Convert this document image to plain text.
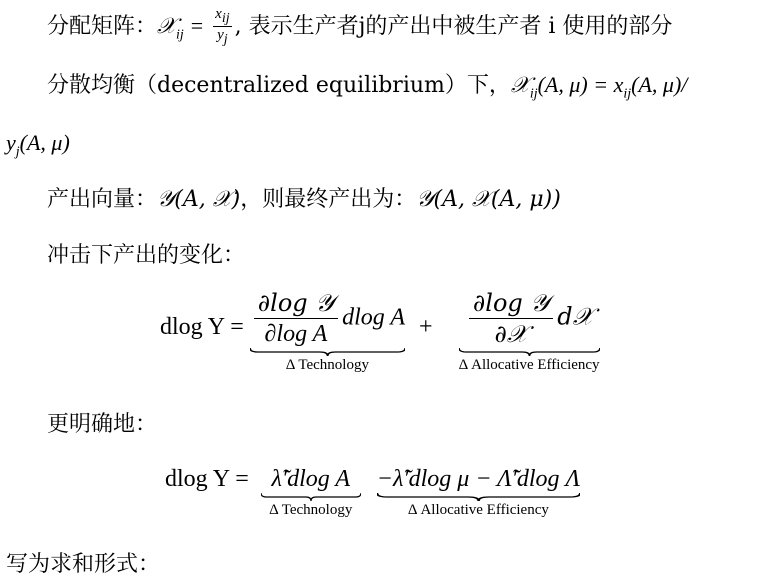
分配矩阵：𝒳$_{ij}$ = $\frac{x_{ij}}{y_j}$ , 表示生产者j的产出中被生产者 i 使用的部分
分散均衡（decentralized equilibrium）下，𝒳$_{ij}$(A, $\mu) = x_{ij}(A$, μ)/
$y_j(A$, μ)
产出向量：𝒴(A, 𝒳)，则最终产出为：𝒴(A, 𝒳(A, μ))
冲击下产出的变化：
dlog $Y = \frac{\text{∂log 𝒴}}{\text{∂log A}}$ dlog A
Δ Technology
+ $\frac{\text{∂log 𝒴}}{\text{∂𝒳}}$ d𝒳
Δ Allocative Efficiency
更明确地：
dlog Y = λ̃′dlog A
Δ Technology

−λ̃′dlog μ − Λ̃′dlog Λ
Δ Allocative Efficiency
写为求和形式：
